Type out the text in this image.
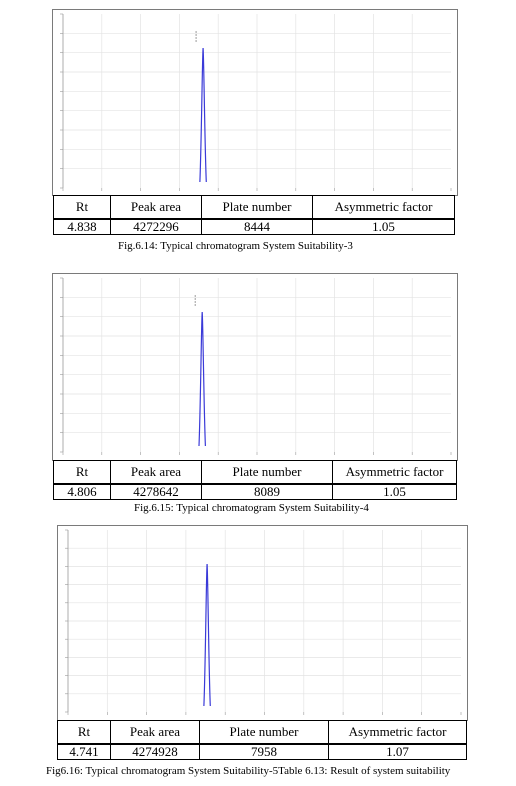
Rt	Peak area	Plate number	Asymmetric factor
4.838	4272296	8444	1.05
Fig.6.14: Typical chromatogram System Suitability-3
Rt	Peak area	Plate number	Asymmetric factor
4.806	4278642	8089	1.05
Fig.6.15: Typical chromatogram System Suitability-4
Rt	Peak area	Plate number	Asymmetric factor
4.741	4274928	7958	1.07
Fig6.16: Typical chromatogram System Suitability-5Table 6.13: Result of system suitability
